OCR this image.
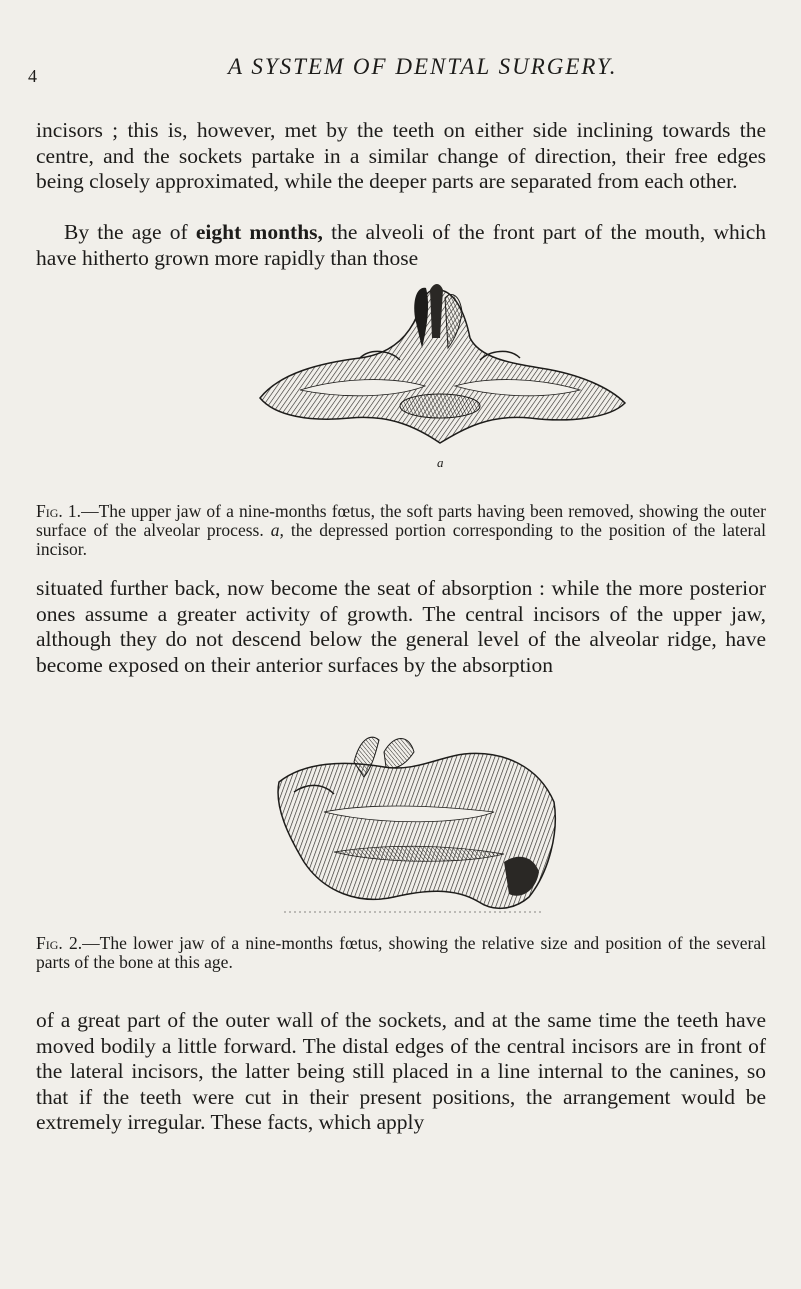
4	A SYSTEM OF DENTAL SURGERY.

incisors ; this is, however, met by the teeth on either side inclining towards the centre, and the sockets partake in a similar change of direction, their free edges being closely approximated, while the deeper parts are separated from each other.

By the age of eight months, the alveoli of the front part of the mouth, which have hitherto grown more rapidly than those

a

Fig. 1.—The upper jaw of a nine-months fœtus, the soft parts having been removed, showing the outer surface of the alveolar process. a, the depressed portion corresponding to the position of the lateral incisor.

situated further back, now become the seat of absorption : while the more posterior ones assume a greater activity of growth. The central incisors of the upper jaw, although they do not descend below the general level of the alveolar ridge, have become exposed on their anterior surfaces by the absorption

Fig. 2.—The lower jaw of a nine-months fœtus, showing the relative size and position of the several parts of the bone at this age.

of a great part of the outer wall of the sockets, and at the same time the teeth have moved bodily a little forward. The distal edges of the central incisors are in front of the lateral incisors, the latter being still placed in a line internal to the canines, so that if the teeth were cut in their present positions, the arrangement would be extremely irregular. These facts, which apply
